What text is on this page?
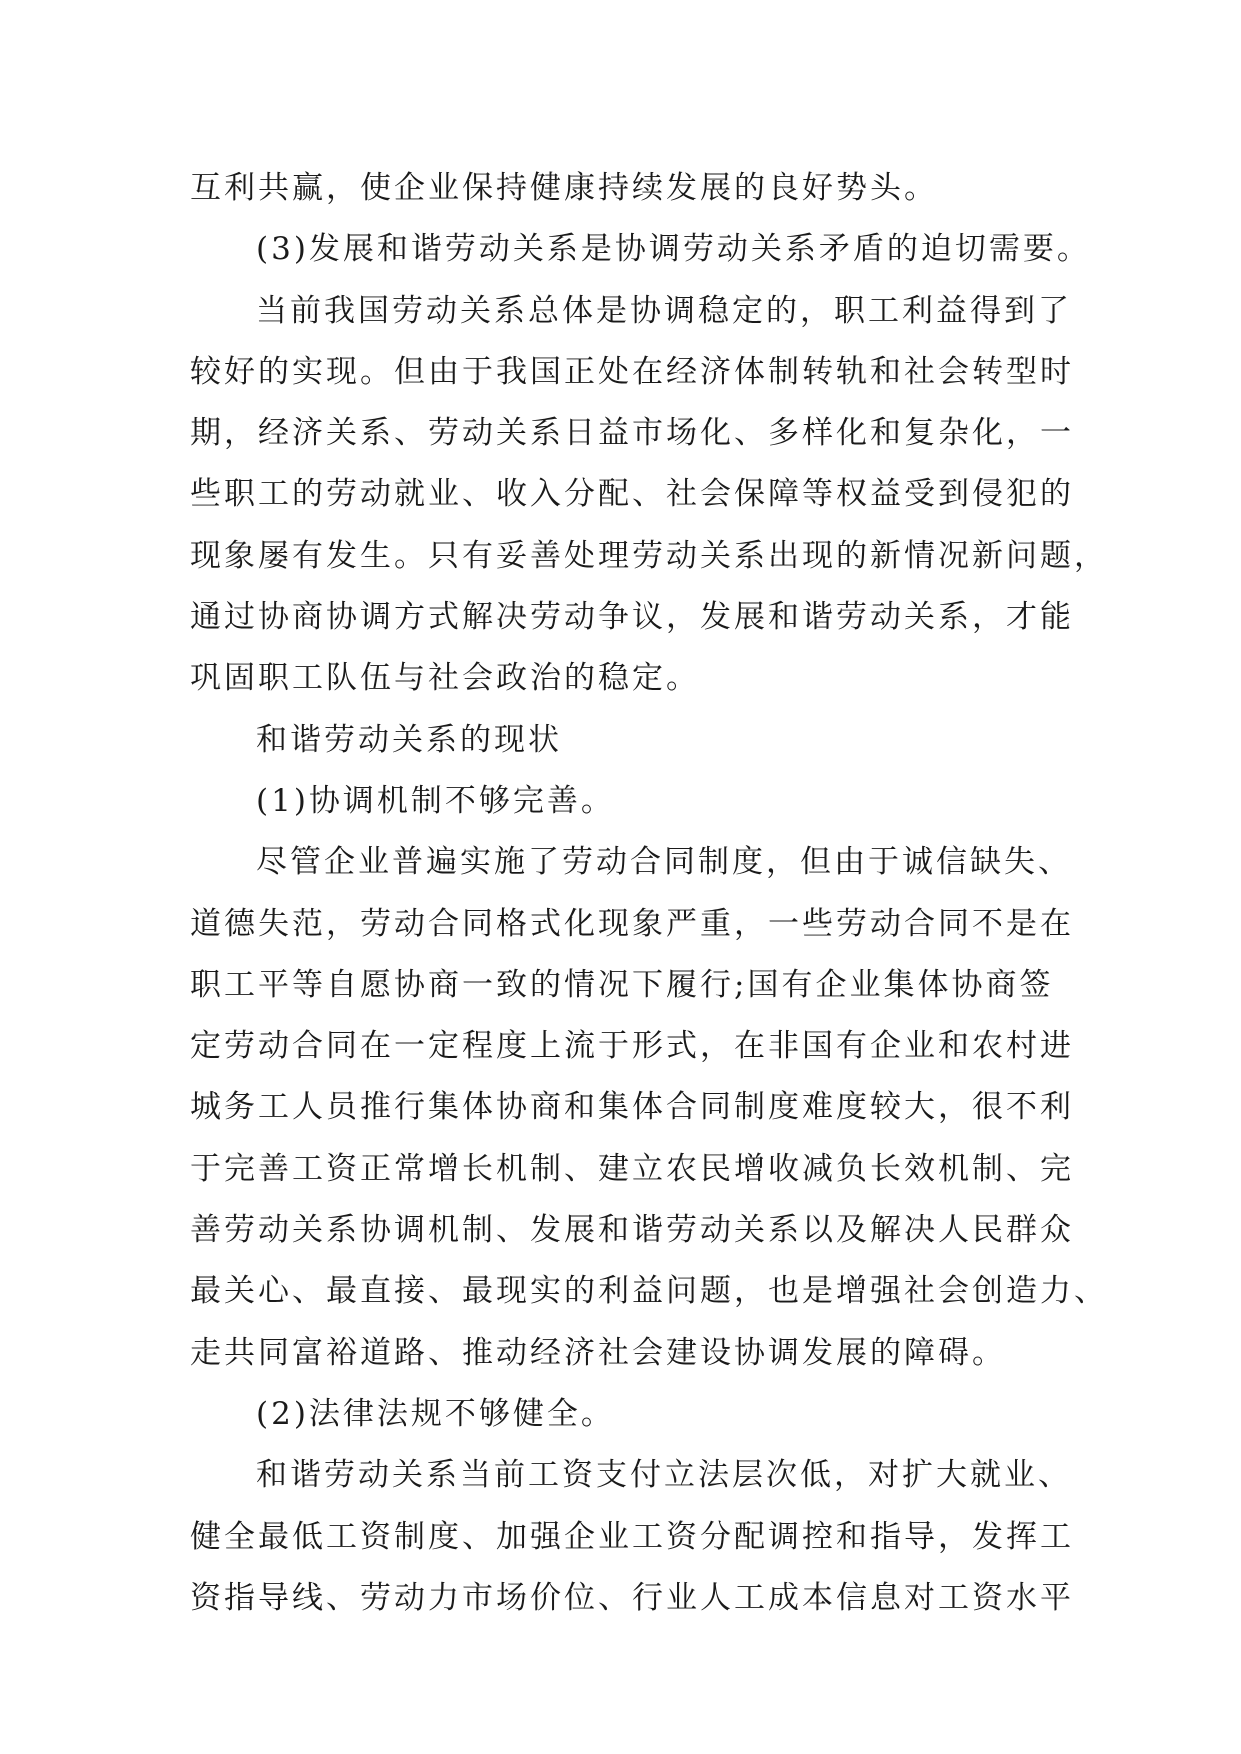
互利共赢，使企业保持健康持续发展的良好势头。

(3)发展和谐劳动关系是协调劳动关系矛盾的迫切需要。

当前我国劳动关系总体是协调稳定的，职工利益得到了

较好的实现。但由于我国正处在经济体制转轨和社会转型时

期，经济关系、劳动关系日益市场化、多样化和复杂化，一

些职工的劳动就业、收入分配、社会保障等权益受到侵犯的

现象屡有发生。只有妥善处理劳动关系出现的新情况新问题，

通过协商协调方式解决劳动争议，发展和谐劳动关系，才能

巩固职工队伍与社会政治的稳定。

和谐劳动关系的现状

(1)协调机制不够完善。

尽管企业普遍实施了劳动合同制度，但由于诚信缺失、

道德失范，劳动合同格式化现象严重，一些劳动合同不是在

职工平等自愿协商一致的情况下履行;国有企业集体协商签

定劳动合同在一定程度上流于形式，在非国有企业和农村进

城务工人员推行集体协商和集体合同制度难度较大，很不利

于完善工资正常增长机制、建立农民增收减负长效机制、完

善劳动关系协调机制、发展和谐劳动关系以及解决人民群众

最关心、最直接、最现实的利益问题，也是增强社会创造力、

走共同富裕道路、推动经济社会建设协调发展的障碍。

(2)法律法规不够健全。

和谐劳动关系当前工资支付立法层次低，对扩大就业、

健全最低工资制度、加强企业工资分配调控和指导，发挥工

资指导线、劳动力市场价位、行业人工成本信息对工资水平
